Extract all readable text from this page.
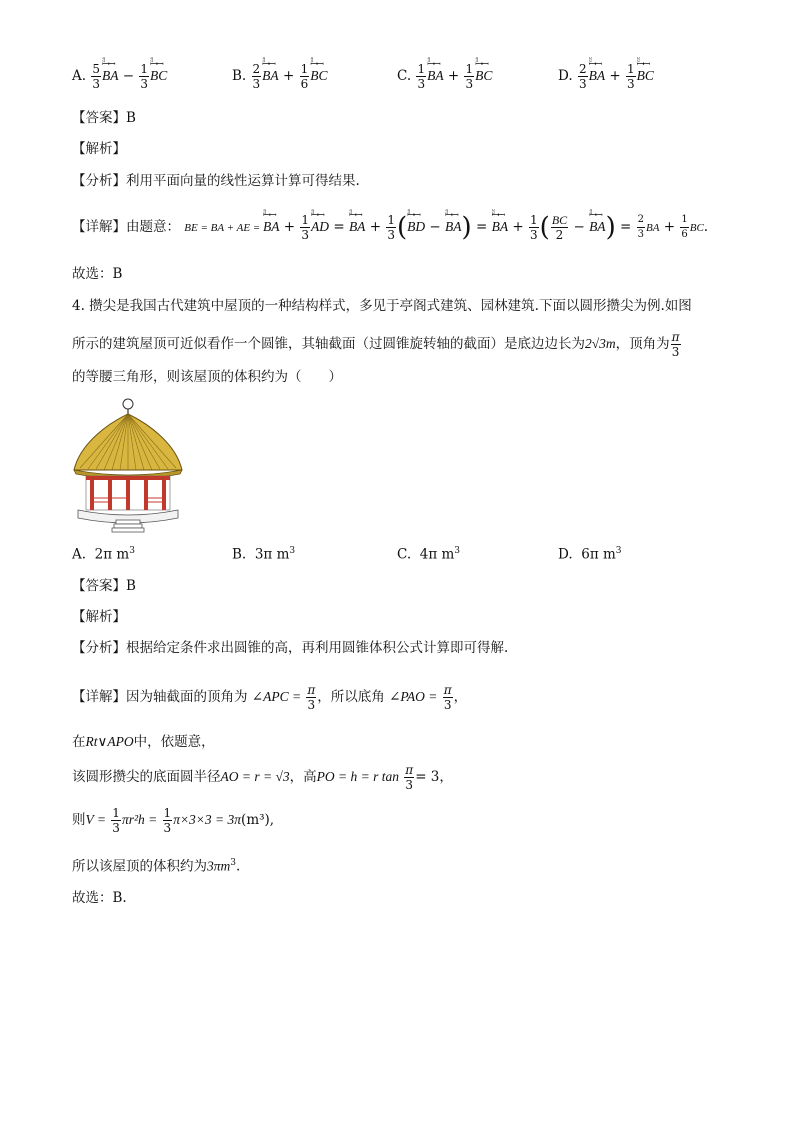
A. $\frac{5}{3}$ ⷰⷰ ꟷꟷ
BA − $\frac{1}{3}$ ⷰⷰ ꟷꟷ
BC	B. $\frac{2}{3}$ ⷰⷰ ꟷꟷ
BA + $\frac{1}{6}$ ⷰⷰ ꟷꟷ
BC	C. $\frac{1}{3}$ ⷰⷰ ꟷꟷ
BA + $\frac{1}{3}$ ⷰⷰ ꟷꟷ
BC	D. $\frac{2}{3}$ ⷰⷰ ꟷꟷ
BA + $\frac{1}{3}$ ⷰⷰ ꟷꟷ
BC
【答案】B
【解析】
【分析】利用平面向量的线性运算计算可得结果.
【详解】由题意： BE = BA + AE =
ⷰⷰ ꟷꟷ
BA + $\frac{1}{3}$ ⷰⷰ ꟷꟷ
AD =
ⷰⷰ ꟷꟷ
BA + $\frac{1}{3}$ ( ⷰⷰ ꟷꟷ
BD −
ⷰⷰ ꟷꟷ
BA) =
ⷰⷰ ꟷꟷ
BA + $\frac{1}{3}$ ( $\frac{BC}{2}$ −
ⷰⷰ ꟷꟷ
$BA) = \frac{2}{3}$ BA + $\frac{1}{6}$ BC.
故选：B
4. 攒尖是我国古代建筑中屋顶的一种结构样式，多见于亭阁式建筑、园林建筑.下面以圆形攒尖为例.如图
所示的建筑屋顶可近似看作一个圆锥，其轴截面（过圆锥旋转轴的截面）是底边边长为2√3m，顶角为 $\frac{\pi}{3}$
的等腰三角形，则该屋顶的体积约为（　　）
A. 2π $m^3$	B. 3π $m^3$	C. 4π $m^3$	D. 6π $m^3$
【答案】B
【解析】
【分析】根据给定条件求出圆锥的高，再利用圆锥体积公式计算即可得解.
【详解】因为轴截面的顶角为 ∠APC = $\frac{\pi}{3}$ ，所以底角 ∠PAO = $\frac{\pi}{3}$ ，
在Rt∨APO中，依题意，
该圆形攒尖的底面圆半径AO = r = √3，高PO = h = r $\tan \frac{\pi}{3} = 3$，
则$V = \frac{1}{3} \pi r^2h = \frac{1}{3} \pi\times 3\times 3 = 3\pi(m^3)$,
所以该屋顶的体积约为$3\pi m^3$.
故选：B.
